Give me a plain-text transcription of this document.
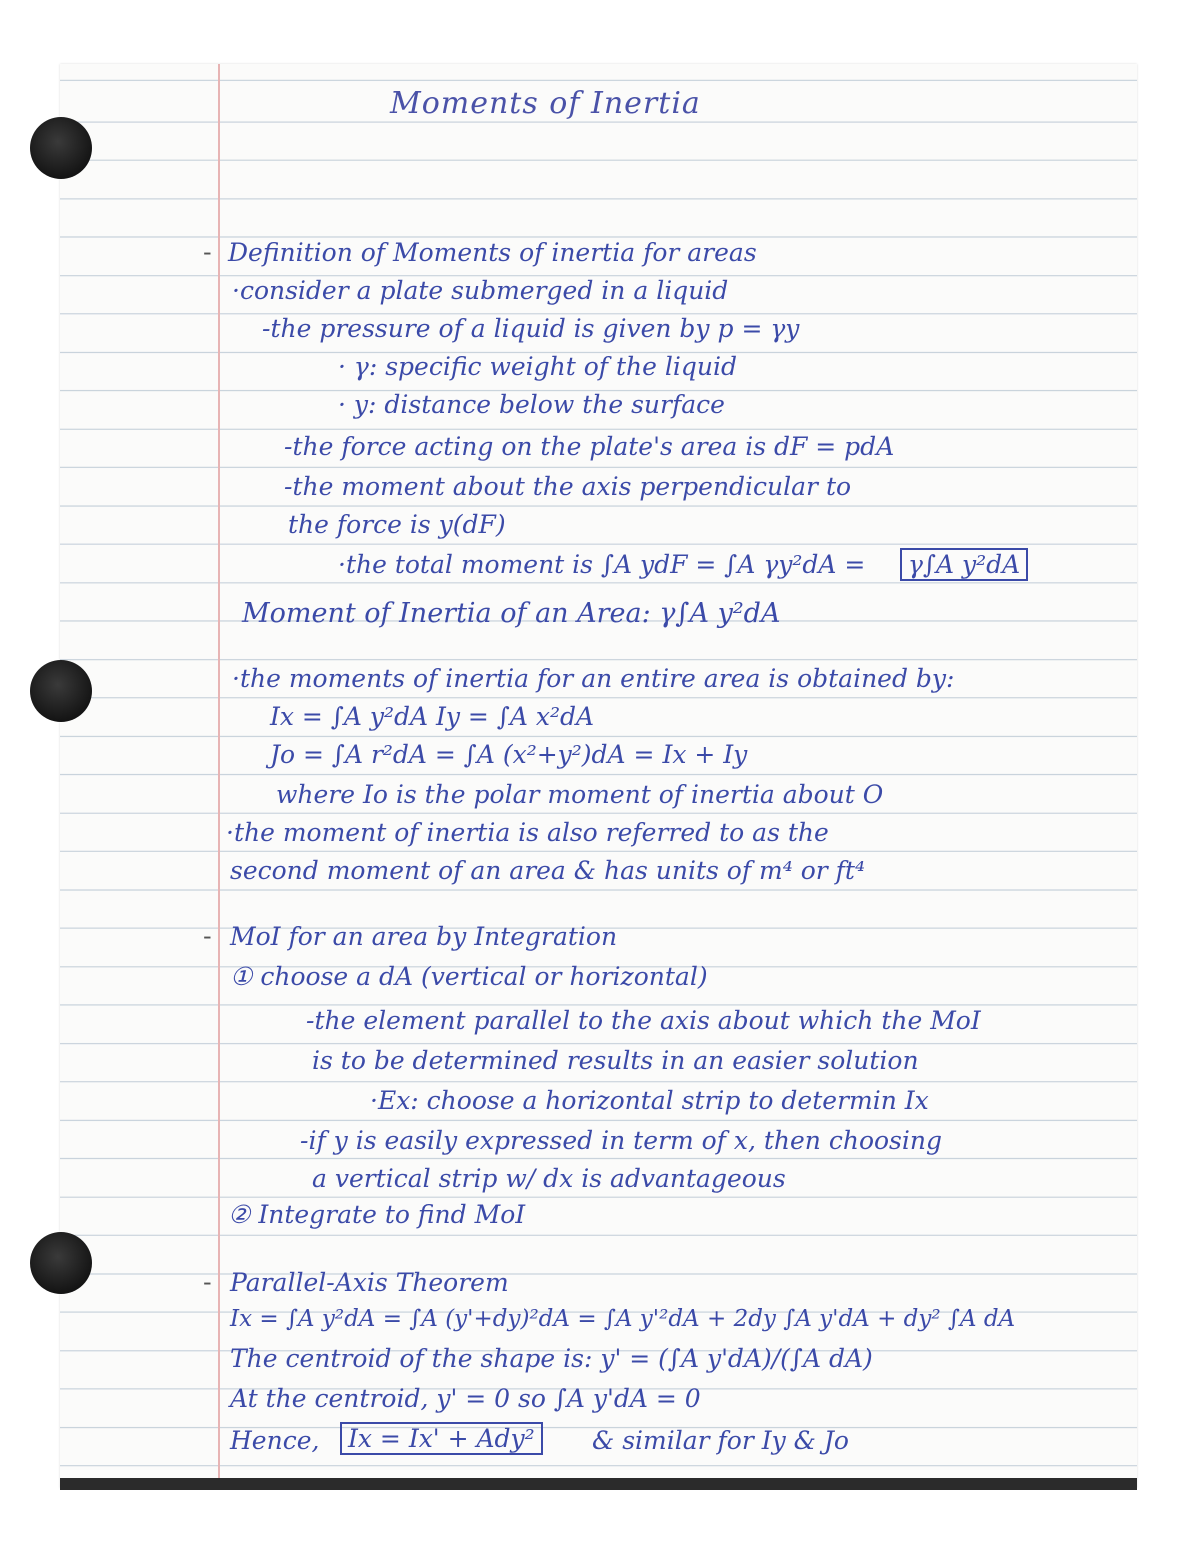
Moments of Inertia
- Definition of Moments of inertia for areas
·consider a plate submerged in a liquid
-the pressure of a liquid is given by p = γy
· γ: specific weight of the liquid
· y: distance below the surface
-the force acting on the plate's area is dF = pdA
-the moment about the axis perpendicular to
the force is y(dF)
·the total moment is ∫A ydF = ∫A γy²dA =	γ∫A y²dA
Moment of Inertia of an Area: γ∫A y²dA
·the moments of inertia for an entire area is obtained by:
Ix = ∫A y²dA Iy = ∫A x²dA
Jo = ∫A r²dA = ∫A (x²+y²)dA = Ix + Iy
where Io is the polar moment of inertia about O
·the moment of inertia is also referred to as the
second moment of an area & has units of m⁴ or ft⁴
- MoI for an area by Integration
① choose a dA (vertical or horizontal)
-the element parallel to the axis about which the MoI
is to be determined results in an easier solution
·Ex: choose a horizontal strip to determin Ix
-if y is easily expressed in term of x, then choosing
a vertical strip w/ dx is advantageous
② Integrate to find MoI
- Parallel-Axis Theorem
Ix = ∫A y²dA = ∫A (y'+dy)²dA = ∫A y'²dA + 2dy ∫A y'dA + dy² ∫A dA
The centroid of the shape is: y' = (∫A y'dA)/(∫A dA)
At the centroid, y' = 0 so ∫A y'dA = 0
Hence,	Ix = Ix' + Ady²	& similar for Iy & Jo
